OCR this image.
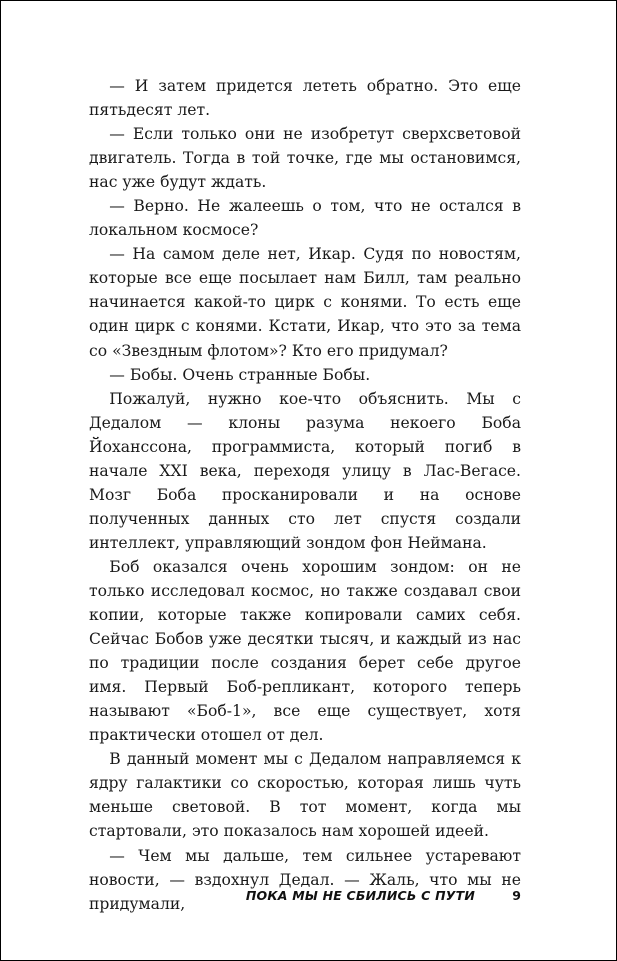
— И затем придется лететь обратно. Это еще пятьдесят лет.

— Если только они не изобретут сверхсветовой двигатель. Тогда в той точке, где мы остановимся, нас уже будут ждать.

— Верно. Не жалеешь о том, что не остался в локальном космосе?

— На самом деле нет, Икар. Судя по новостям, которые все еще посылает нам Билл, там реально начинается какой-то цирк с конями. То есть еще один цирк с конями. Кстати, Икар, что это за тема со «Звездным флотом»? Кто его придумал?

— Бобы. Очень странные Бобы.

Пожалуй, нужно кое-что объяснить. Мы с Дедалом — клоны разума некоего Боба Йохансcона, программиста, который погиб в начале XXI века, переходя улицу в Лас-Вегасе. Мозг Боба просканировали и на основе полученных данных сто лет спустя создали интеллект, управляющий зондом фон Неймана.

Боб оказался очень хорошим зондом: он не только исследовал космос, но также создавал свои копии, которые также копировали самих себя. Сейчас Бобов уже десятки тысяч, и каждый из нас по традиции после создания берет себе другое имя. Первый Боб-репликант, которого теперь называют «Боб-1», все еще существует, хотя практически отошел от дел.

В данный момент мы с Дедалом направляемся к ядру галактики со скоростью, которая лишь чуть меньше световой. В тот момент, когда мы стартовали, это показалось нам хорошей идеей.

— Чем мы дальше, тем сильнее устаревают новости, — вздохнул Дедал. — Жаль, что мы не придумали,	ПОКА МЫ НЕ СБИЛИСЬ С ПУТИ	9
